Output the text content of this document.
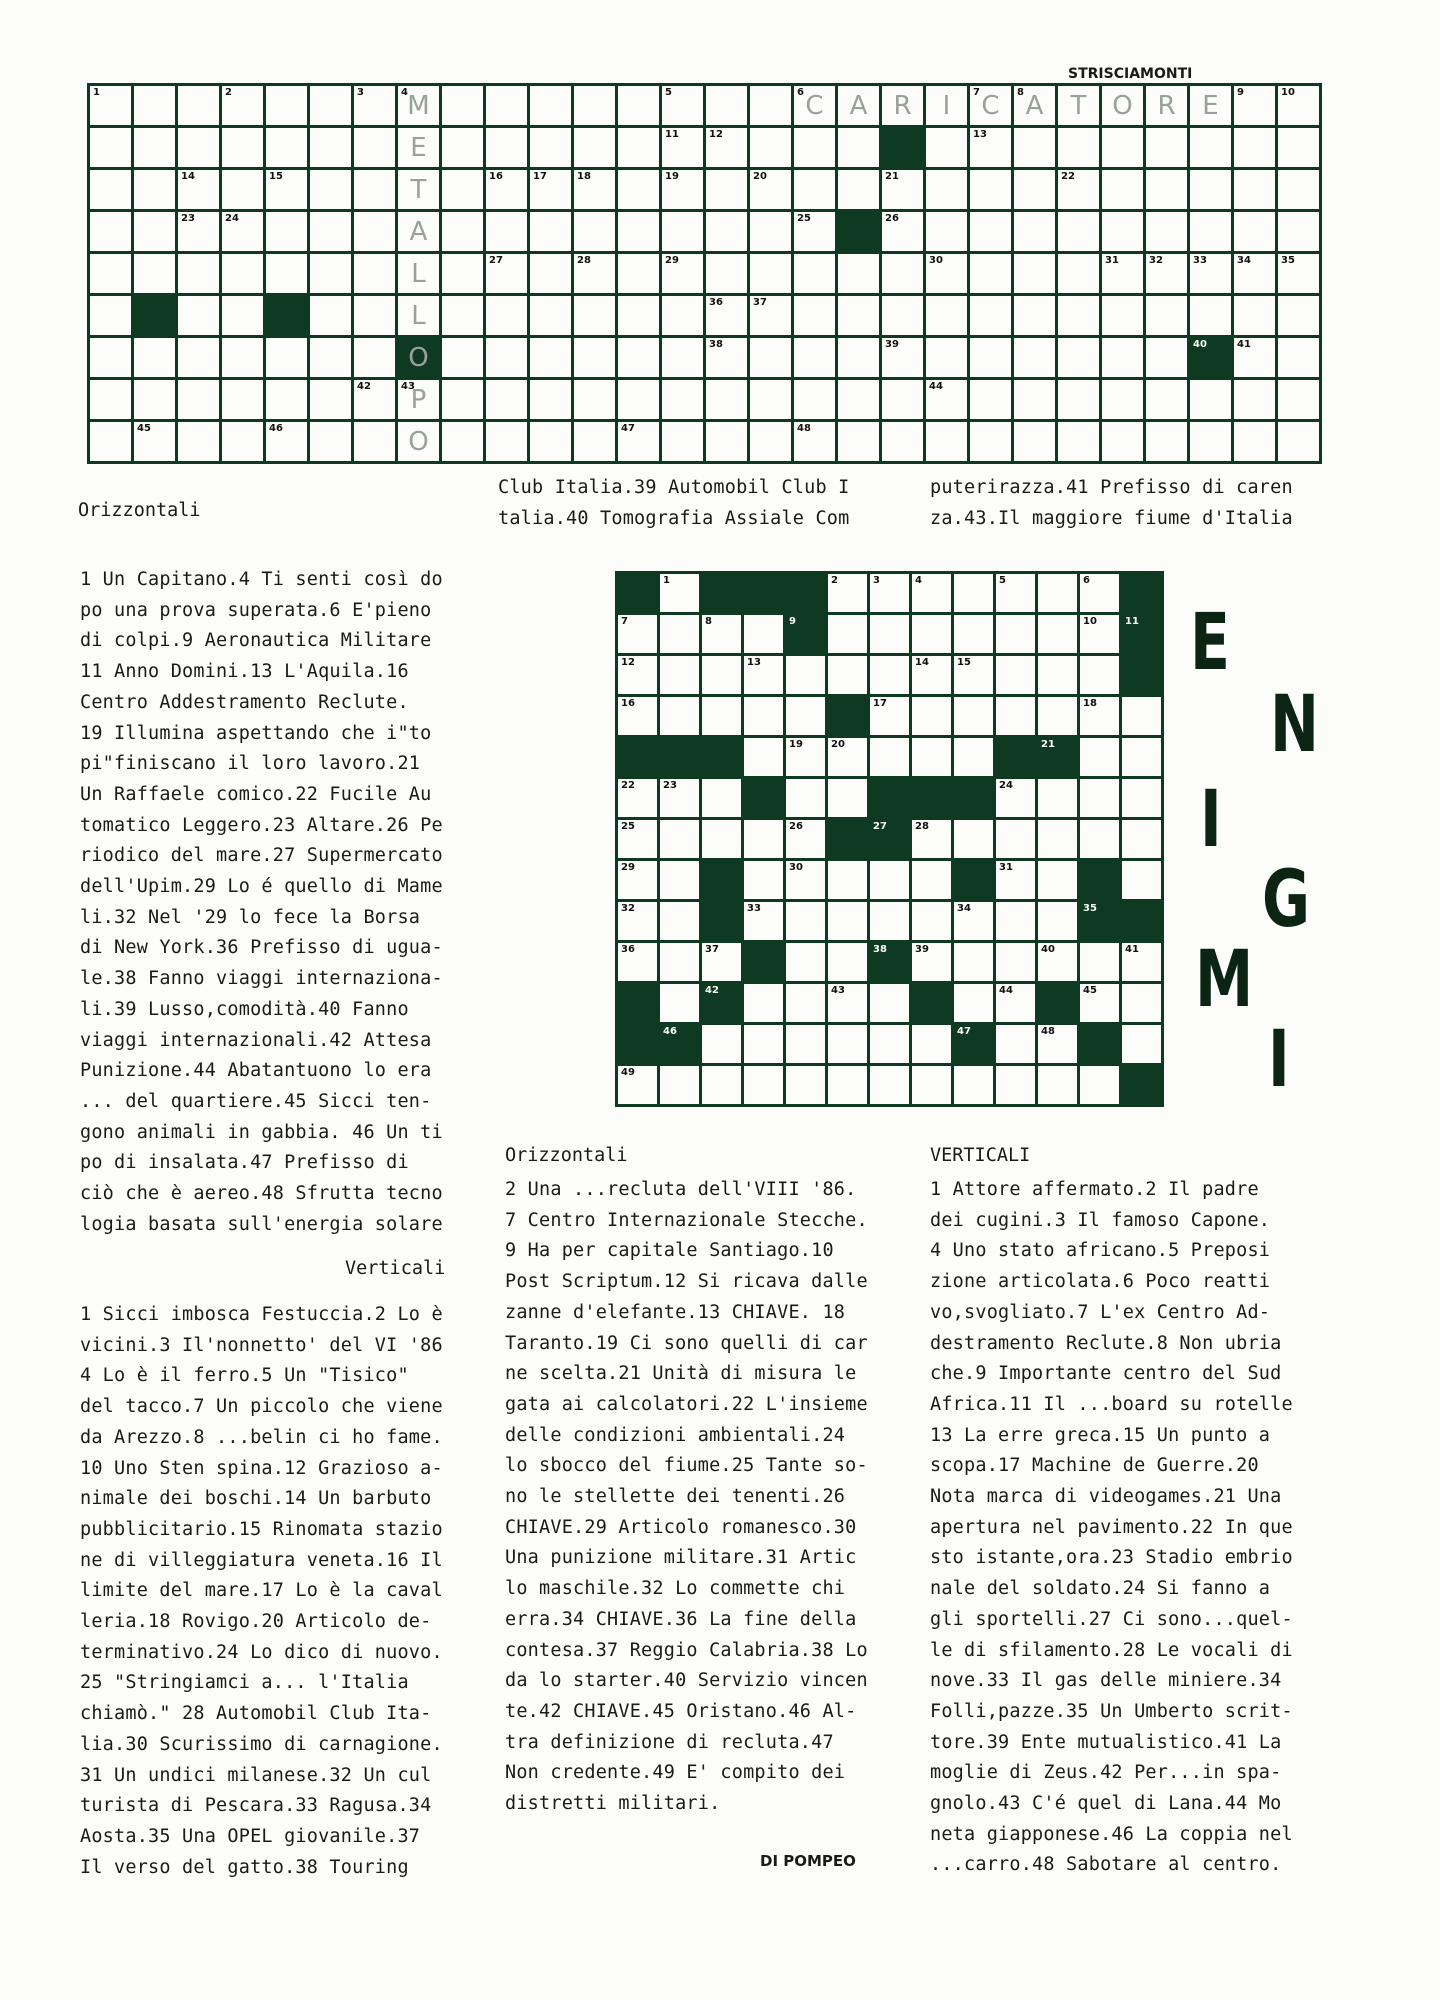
STRISCIAMONTI
1	2	3	4 M	5	6 C	A	R	I	7 C	8 A	T O R	E	9	10
E	11	12	13
14	15	T	16	17	18	19	20	21	22
23	24	A	25	26
L	27	28	29	30	31	32	33	34	35
L	36	37
O	38	39	40	41
42	43
P	44
45	46	O	47	48
Orizzontali
1 Un Capitano.4 Ti senti così do
po una prova superata.6 E'pieno
di colpi.9 Aeronautica Militare
11 Anno Domini.13 L'Aquila.16
Centro Addestramento Reclute.
19 Illumina aspettando che i"to
pi"finiscano il loro lavoro.21
Un Raffaele comico.22 Fucile Au
tomatico Leggero.23 Altare.26 Pe
riodico del mare.27 Supermercato
dell'Upim.29 Lo é quello di Mame
li.32 Nel '29 lo fece la Borsa
di New York.36 Prefisso di ugua-
le.38 Fanno viaggi internaziona-
li.39 Lusso,comodità.40 Fanno
viaggi internazionali.42 Attesa
Punizione.44 Abatantuono lo era
... del quartiere.45 Sicci ten-
gono animali in gabbia. 46 Un ti
po di insalata.47 Prefisso di
ciò che è aereo.48 Sfrutta tecno
logia basata sull'energia solare
Club Italia.39 Automobil Club I
talia.40 Tomografia Assiale Com
puterirazza.41 Prefisso di caren
za.43.Il maggiore fiume d'Italia
Verticali
1 Sicci imbosca Festuccia.2 Lo è
vicini.3 Il'nonnetto' del VI '86
4 Lo è il ferro.5 Un "Tisico"
del tacco.7 Un piccolo che viene
da Arezzo.8 ...belin ci ho fame.
10 Uno Sten spina.12 Grazioso a-
nimale dei boschi.14 Un barbuto
pubblicitario.15 Rinomata stazio
ne di villeggiatura veneta.16 Il
limite del mare.17 Lo è la caval
leria.18 Rovigo.20 Articolo de-
terminativo.24 Lo dico di nuovo.
25 "Stringiamci a... l'Italia
chiamò." 28 Automobil Club Ita-
lia.30 Scurissimo di carnagione.
31 Un undici milanese.32 Un cul
turista di Pescara.33 Ragusa.34
Aosta.35 Una OPEL giovanile.37
Il verso del gatto.38 Touring
1	2	3	4	5	6
7	8	9	10	11
12	13	14	15
16	17	18
19	20	21
22	23	24
25	26	27	28
29	30	31
32	33	34	35
36	37	38	39	40	41
42	43	44	45
46	47	48
49
E
N
I
G
M
I
Orizzontali
2 Una ...recluta dell'VIII '86.
7 Centro Internazionale Stecche.
9 Ha per capitale Santiago.10
Post Scriptum.12 Si ricava dalle
zanne d'elefante.13 CHIAVE. 18
Taranto.19 Ci sono quelli di car
ne scelta.21 Unità di misura le
gata ai calcolatori.22 L'insieme
delle condizioni ambientali.24
lo sbocco del fiume.25 Tante so-
no le stellette dei tenenti.26
CHIAVE.29 Articolo romanesco.30
Una punizione militare.31 Artic
lo maschile.32 Lo commette chi
erra.34 CHIAVE.36 La fine della
contesa.37 Reggio Calabria.38 Lo
da lo starter.40 Servizio vincen
te.42 CHIAVE.45 Oristano.46 Al-
tra definizione di recluta.47
Non credente.49 E' compito dei
distretti militari.
VERTICALI
1 Attore affermato.2 Il padre
dei cugini.3 Il famoso Capone.
4 Uno stato africano.5 Preposi
zione articolata.6 Poco reatti
vo,svogliato.7 L'ex Centro Ad-
destramento Reclute.8 Non ubria
che.9 Importante centro del Sud
Africa.11 Il ...board su rotelle
13 La erre greca.15 Un punto a
scopa.17 Machine de Guerre.20
Nota marca di videogames.21 Una
apertura nel pavimento.22 In que
sto istante,ora.23 Stadio embrio
nale del soldato.24 Si fanno a
gli sportelli.27 Ci sono...quel-
le di sfilamento.28 Le vocali di
nove.33 Il gas delle miniere.34
Folli,pazze.35 Un Umberto scrit-
tore.39 Ente mutualistico.41 La
moglie di Zeus.42 Per...in spa-
gnolo.43 C'é quel di Lana.44 Mo
neta giapponese.46 La coppia nel
...carro.48 Sabotare al centro.
DI POMPEO
